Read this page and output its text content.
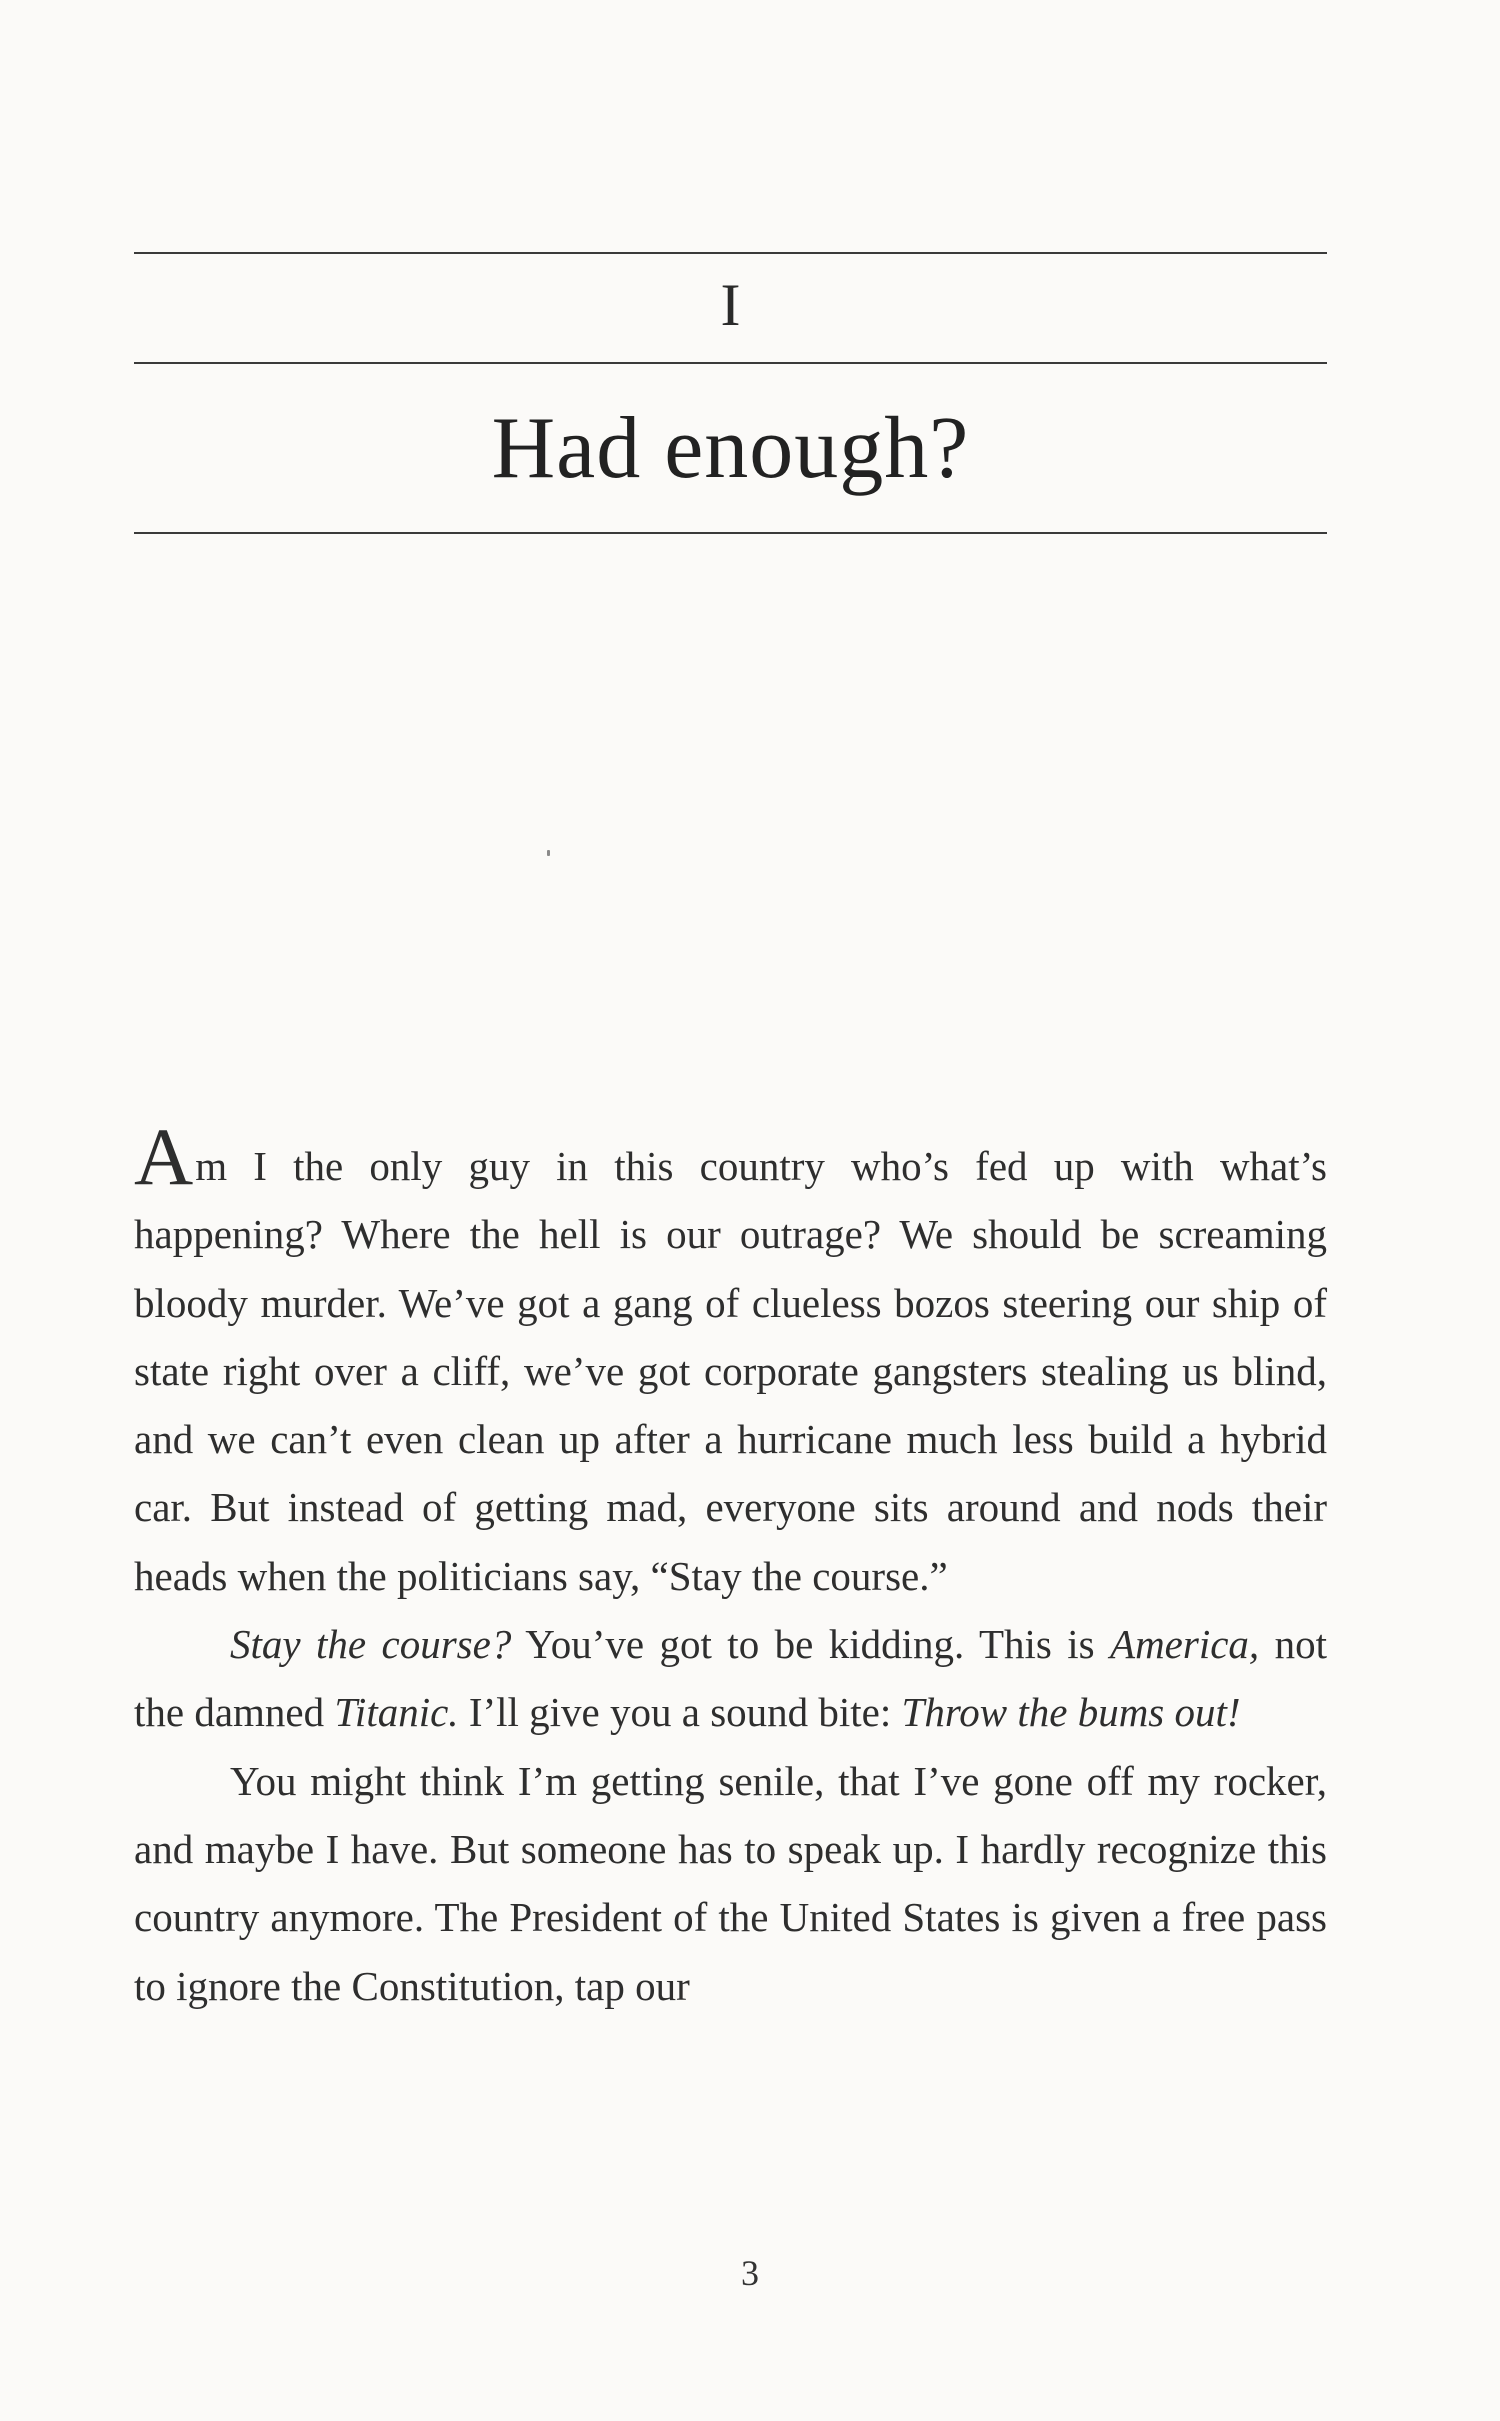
I
Had enough?

Am I the only guy in this country who’s fed up with what’s happening? Where the hell is our outrage? We should be screaming bloody murder. We’ve got a gang of clueless bozos steering our ship of state right over a cliff, we’ve got corporate gangsters stealing us blind, and we can’t even clean up after a hurricane much less build a hybrid car. But instead of getting mad, everyone sits around and nods their heads when the politicians say, “Stay the course.”

Stay the course? You’ve got to be kidding. This is America, not the damned Titanic. I’ll give you a sound bite: Throw the bums out!

You might think I’m getting senile, that I’ve gone off my rocker, and maybe I have. But someone has to speak up. I hardly recognize this country anymore. The President of the United States is given a free pass to ignore the Constitution, tap our

3
